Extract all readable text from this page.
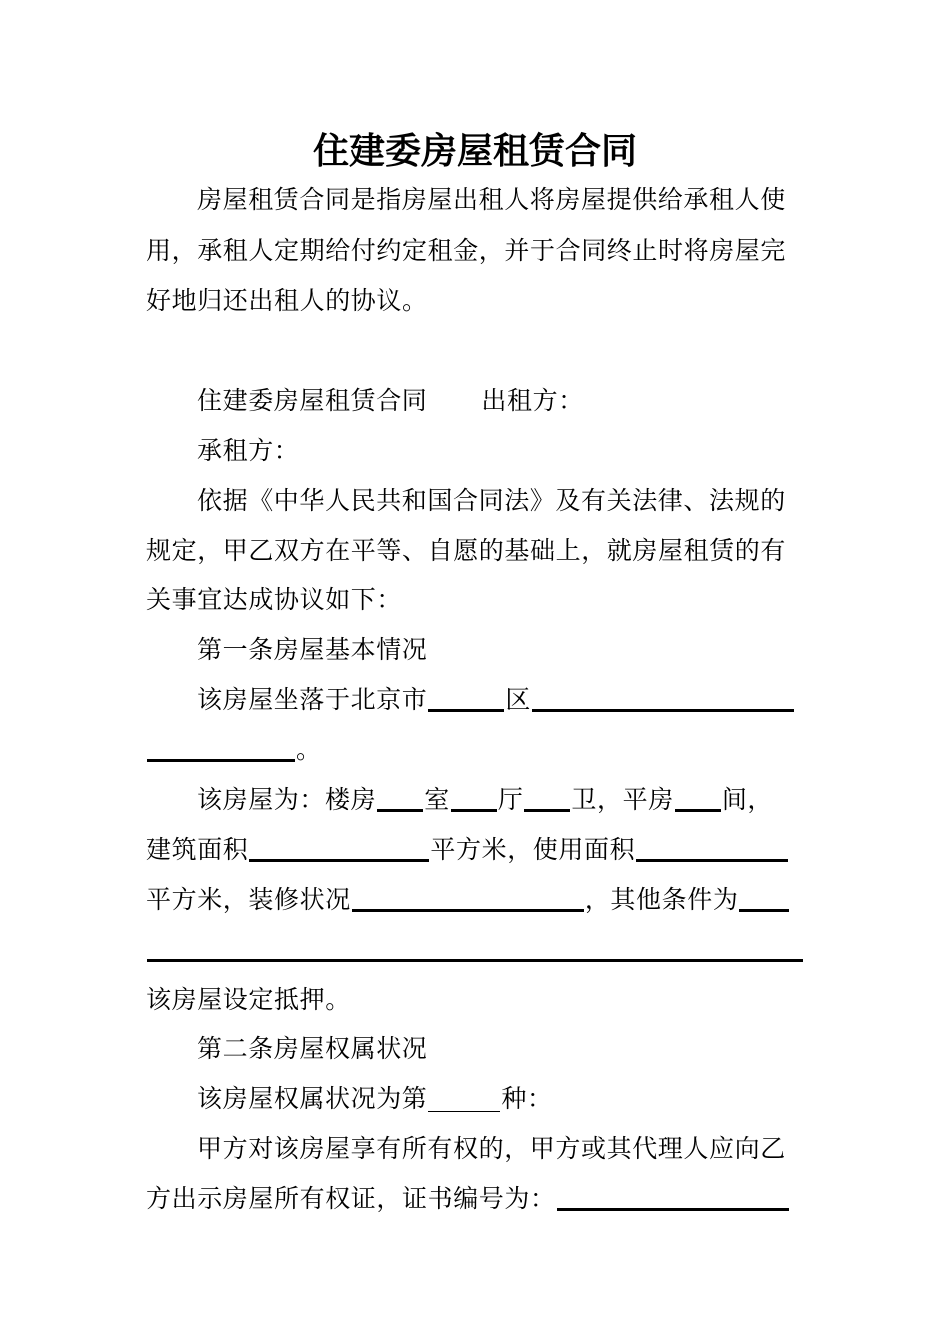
住建委房屋租赁合同
房屋租赁合同是指房屋出租人将房屋提供给承租人使
用，承租人定期给付约定租金，并于合同终止时将房屋完
好地归还出租人的协议。
住建委房屋租赁合同 出租方：
承租方：
依据《中华人民共和国合同法》及有关法律、法规的
规定，甲乙双方在平等、自愿的基础上，就房屋租赁的有
关事宜达成协议如下：
第一条房屋基本情况
该房屋坐落于北京市	区
。
该房屋为：楼房 室 厅 卫，平房 间，
建筑面积	平方米，使用面积
平方米，装修状况	，其他条件为
该房屋设定抵押。
第二条房屋权属状况
该房屋权属状况为第	种：
甲方对该房屋享有所有权的，甲方或其代理人应向乙
方出示房屋所有权证，证书编号为：
